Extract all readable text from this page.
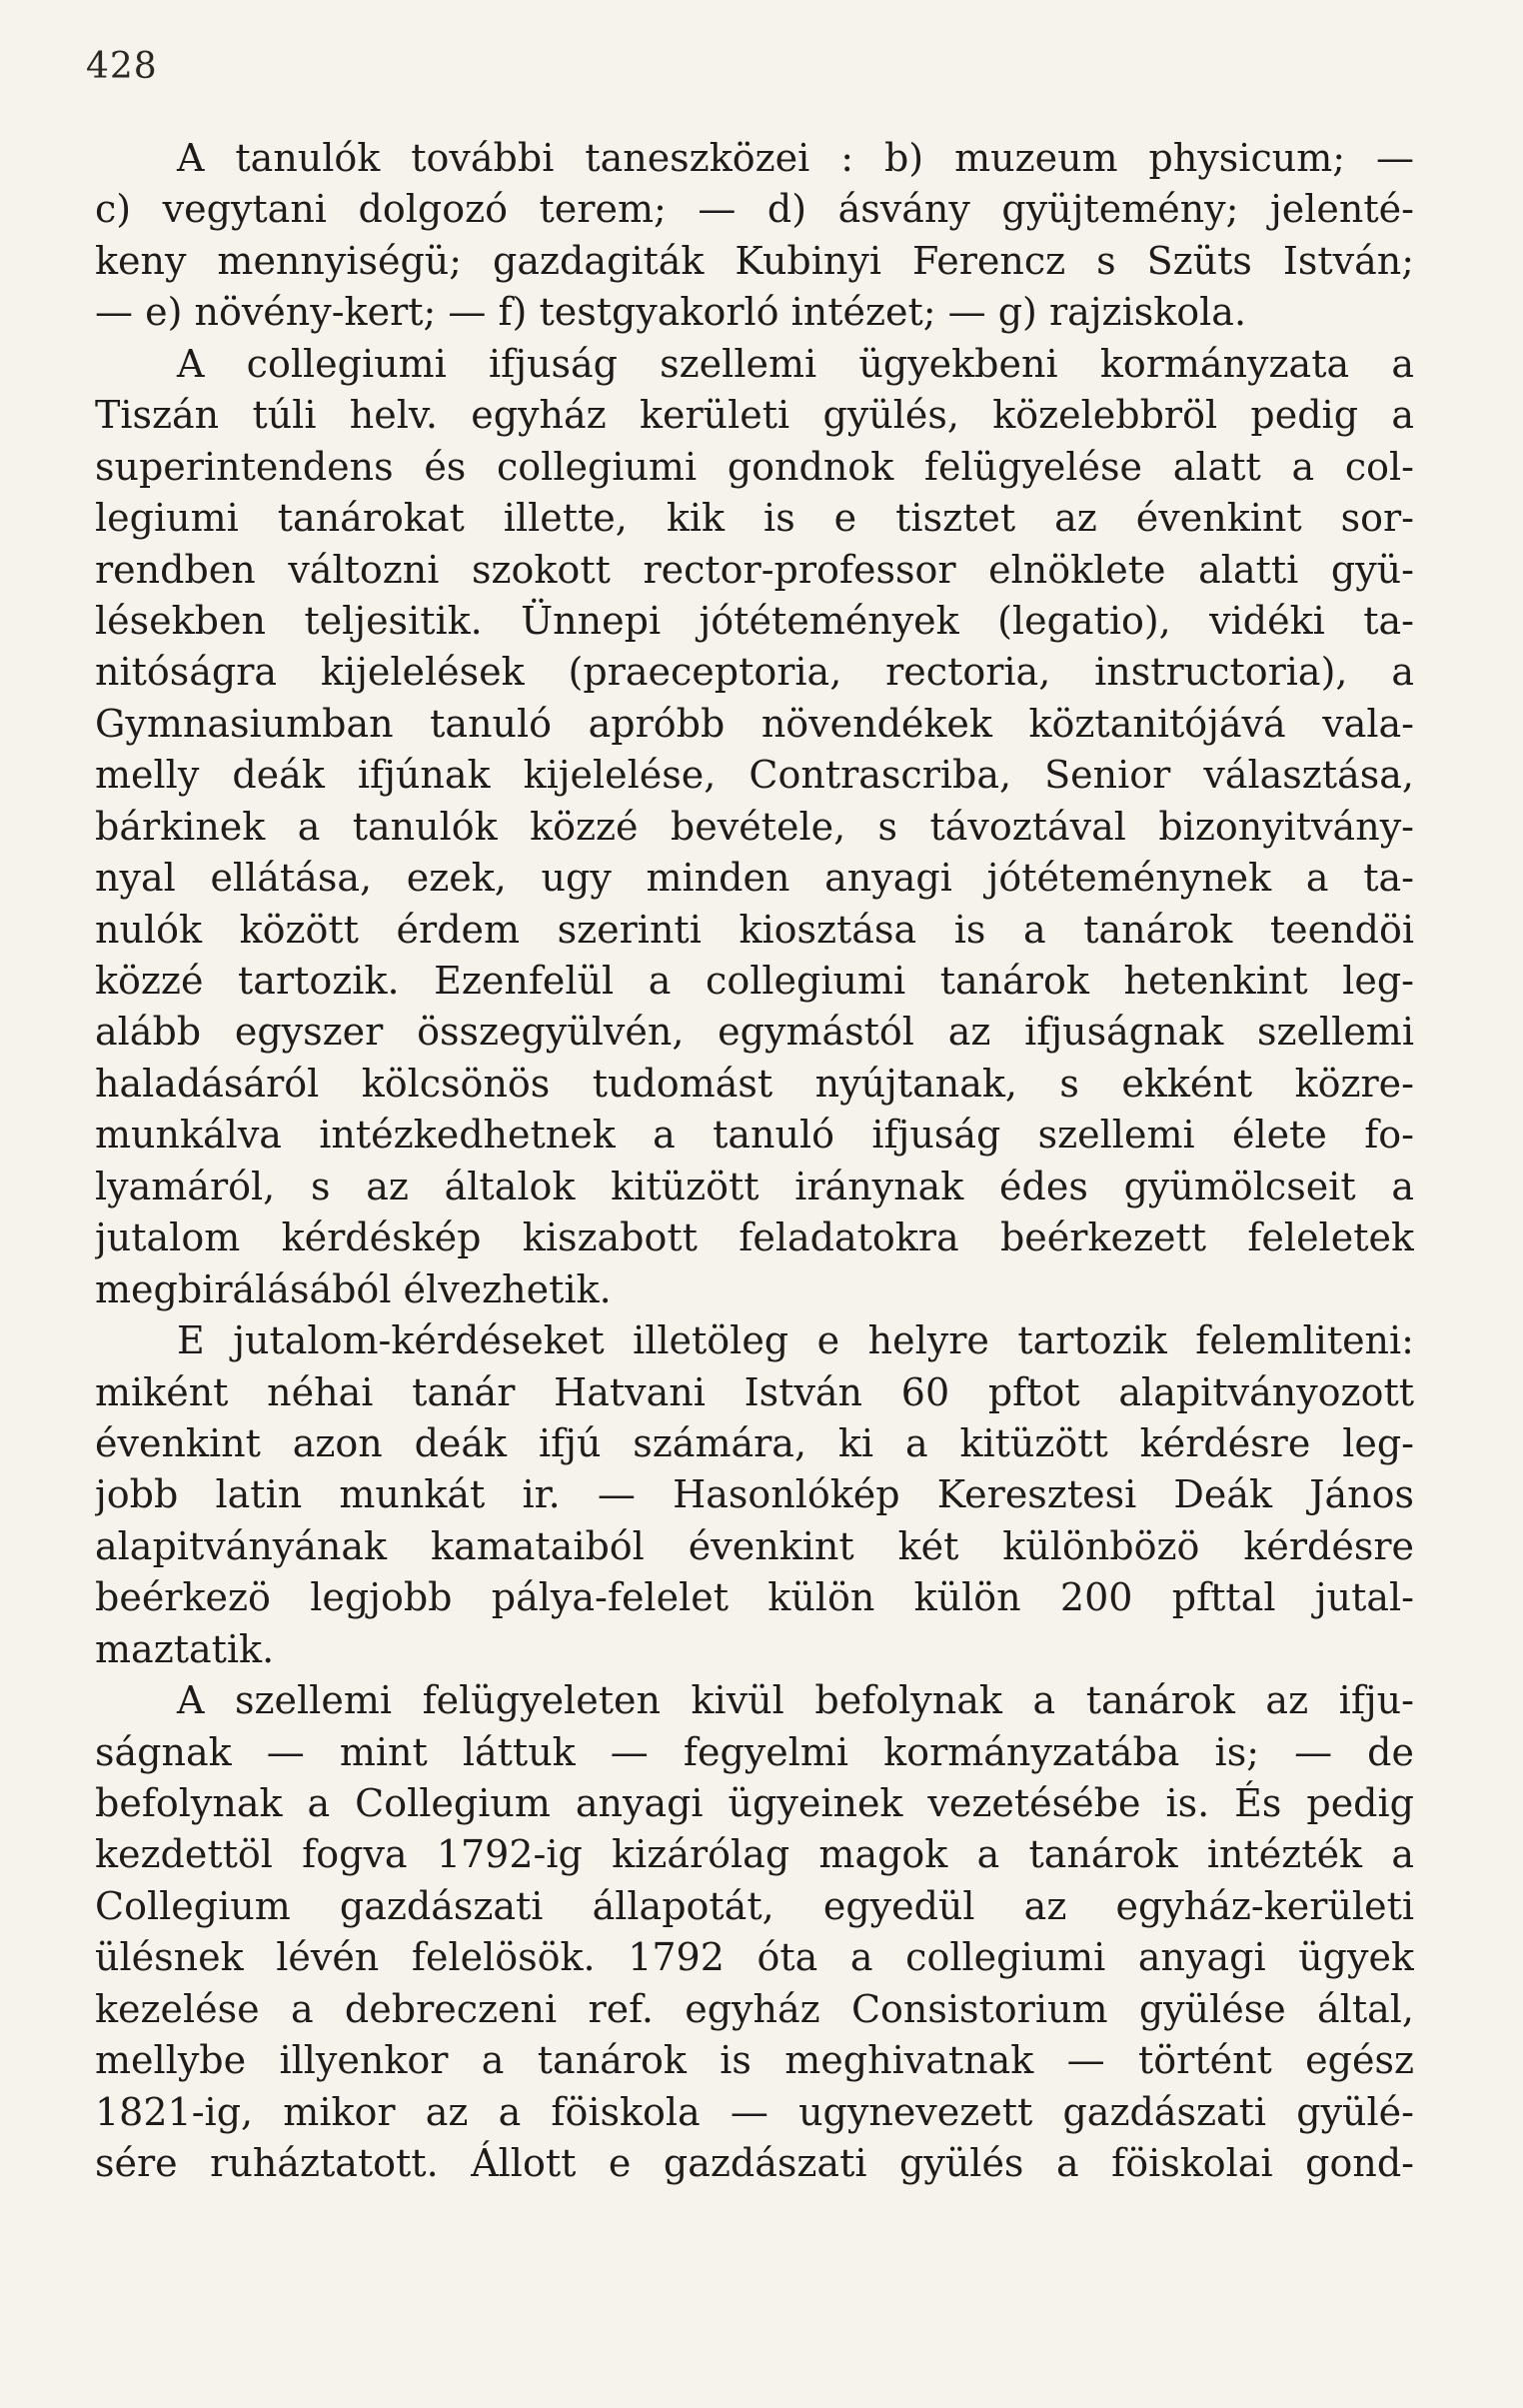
428
A tanulók további taneszközei : b) muzeum physicum; —
c) vegytani dolgozó terem; — d) ásvány gyüjtemény; jelenté-
keny mennyiségü; gazdagiták Kubinyi Ferencz s Szüts István;
— e) növény-kert; — f) testgyakorló intézet; — g) rajziskola.
A collegiumi ifjuság szellemi ügyekbeni kormányzata a
Tiszán túli helv. egyház kerületi gyülés, közelebbröl pedig a
superintendens és collegiumi gondnok felügyelése alatt a col-
legiumi tanárokat illette, kik is e tisztet az évenkint sor-
rendben változni szokott rector-professor elnöklete alatti gyü-
lésekben teljesitik. Ünnepi jótétemények (legatio), vidéki ta-
nitóságra kijelelések (praeceptoria, rectoria, instructoria), a
Gymnasiumban tanuló apróbb növendékek köztanitójává vala-
melly deák ifjúnak kijelelése, Contrascriba, Senior választása,
bárkinek a tanulók közzé bevétele, s távoztával bizonyitvány-
nyal ellátása, ezek, ugy minden anyagi jótéteménynek a ta-
nulók között érdem szerinti kiosztása is a tanárok teendöi
közzé tartozik. Ezenfelül a collegiumi tanárok hetenkint leg-
alább egyszer összegyülvén, egymástól az ifjuságnak szellemi
haladásáról kölcsönös tudomást nyújtanak, s ekként közre-
munkálva intézkedhetnek a tanuló ifjuság szellemi élete fo-
lyamáról, s az általok kitüzött iránynak édes gyümölcseit a
jutalom kérdéskép kiszabott feladatokra beérkezett feleletek
megbirálásából élvezhetik.
E jutalom-kérdéseket illetöleg e helyre tartozik felemliteni:
miként néhai tanár Hatvani István 60 pftot alapitványozott
évenkint azon deák ifjú számára, ki a kitüzött kérdésre leg-
jobb latin munkát ir. — Hasonlókép Keresztesi Deák János
alapitványának kamataiból évenkint két különbözö kérdésre
beérkezö legjobb pálya-felelet külön külön 200 pfttal jutal-
maztatik.
A szellemi felügyeleten kivül befolynak a tanárok az ifju-
ságnak — mint láttuk — fegyelmi kormányzatába is; — de
befolynak a Collegium anyagi ügyeinek vezetésébe is. És pedig
kezdettöl fogva 1792-ig kizárólag magok a tanárok intézték a
Collegium gazdászati állapotát, egyedül az egyház-kerületi
ülésnek lévén felelösök. 1792 óta a collegiumi anyagi ügyek
kezelése a debreczeni ref. egyház Consistorium gyülése által,
mellybe illyenkor a tanárok is meghivatnak — történt egész
1821-ig, mikor az a föiskola — ugynevezett gazdászati gyülé-
sére ruháztatott. Állott e gazdászati gyülés a föiskolai gond-
